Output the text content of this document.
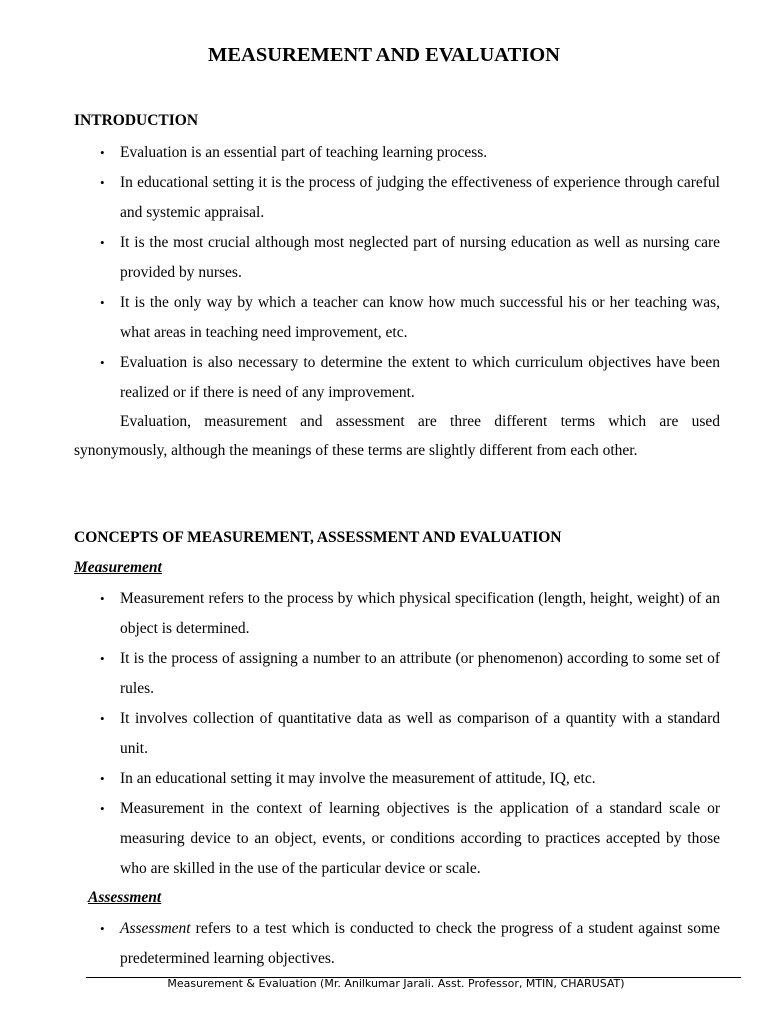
MEASUREMENT AND EVALUATION
INTRODUCTION
• Evaluation is an essential part of teaching learning process.
• In educational setting it is the process of judging the effectiveness of experience through careful and systemic appraisal.
• It is the most crucial although most neglected part of nursing education as well as nursing care provided by nurses.
• It is the only way by which a teacher can know how much successful his or her teaching was, what areas in teaching need improvement, etc.
• Evaluation is also necessary to determine the extent to which curriculum objectives have been realized or if there is need of any improvement.

Evaluation, measurement and assessment are three different terms which are used synonymously, although the meanings of these terms are slightly different from each other.

CONCEPTS OF MEASUREMENT, ASSESSMENT AND EVALUATION
Measurement
• Measurement refers to the process by which physical specification (length, height, weight) of an object is determined.
• It is the process of assigning a number to an attribute (or phenomenon) according to some set of rules.
• It involves collection of quantitative data as well as comparison of a quantity with a standard unit.
• In an educational setting it may involve the measurement of attitude, IQ, etc.
• Measurement in the context of learning objectives is the application of a standard scale or measuring device to an object, events, or conditions according to practices accepted by those who are skilled in the use of the particular device or scale.
Assessment
• Assessment refers to a test which is conducted to check the progress of a student against some predetermined learning objectives.
Measurement & Evaluation (Mr. Anilkumar Jarali. Asst. Professor, MTIN, CHARUSAT)
